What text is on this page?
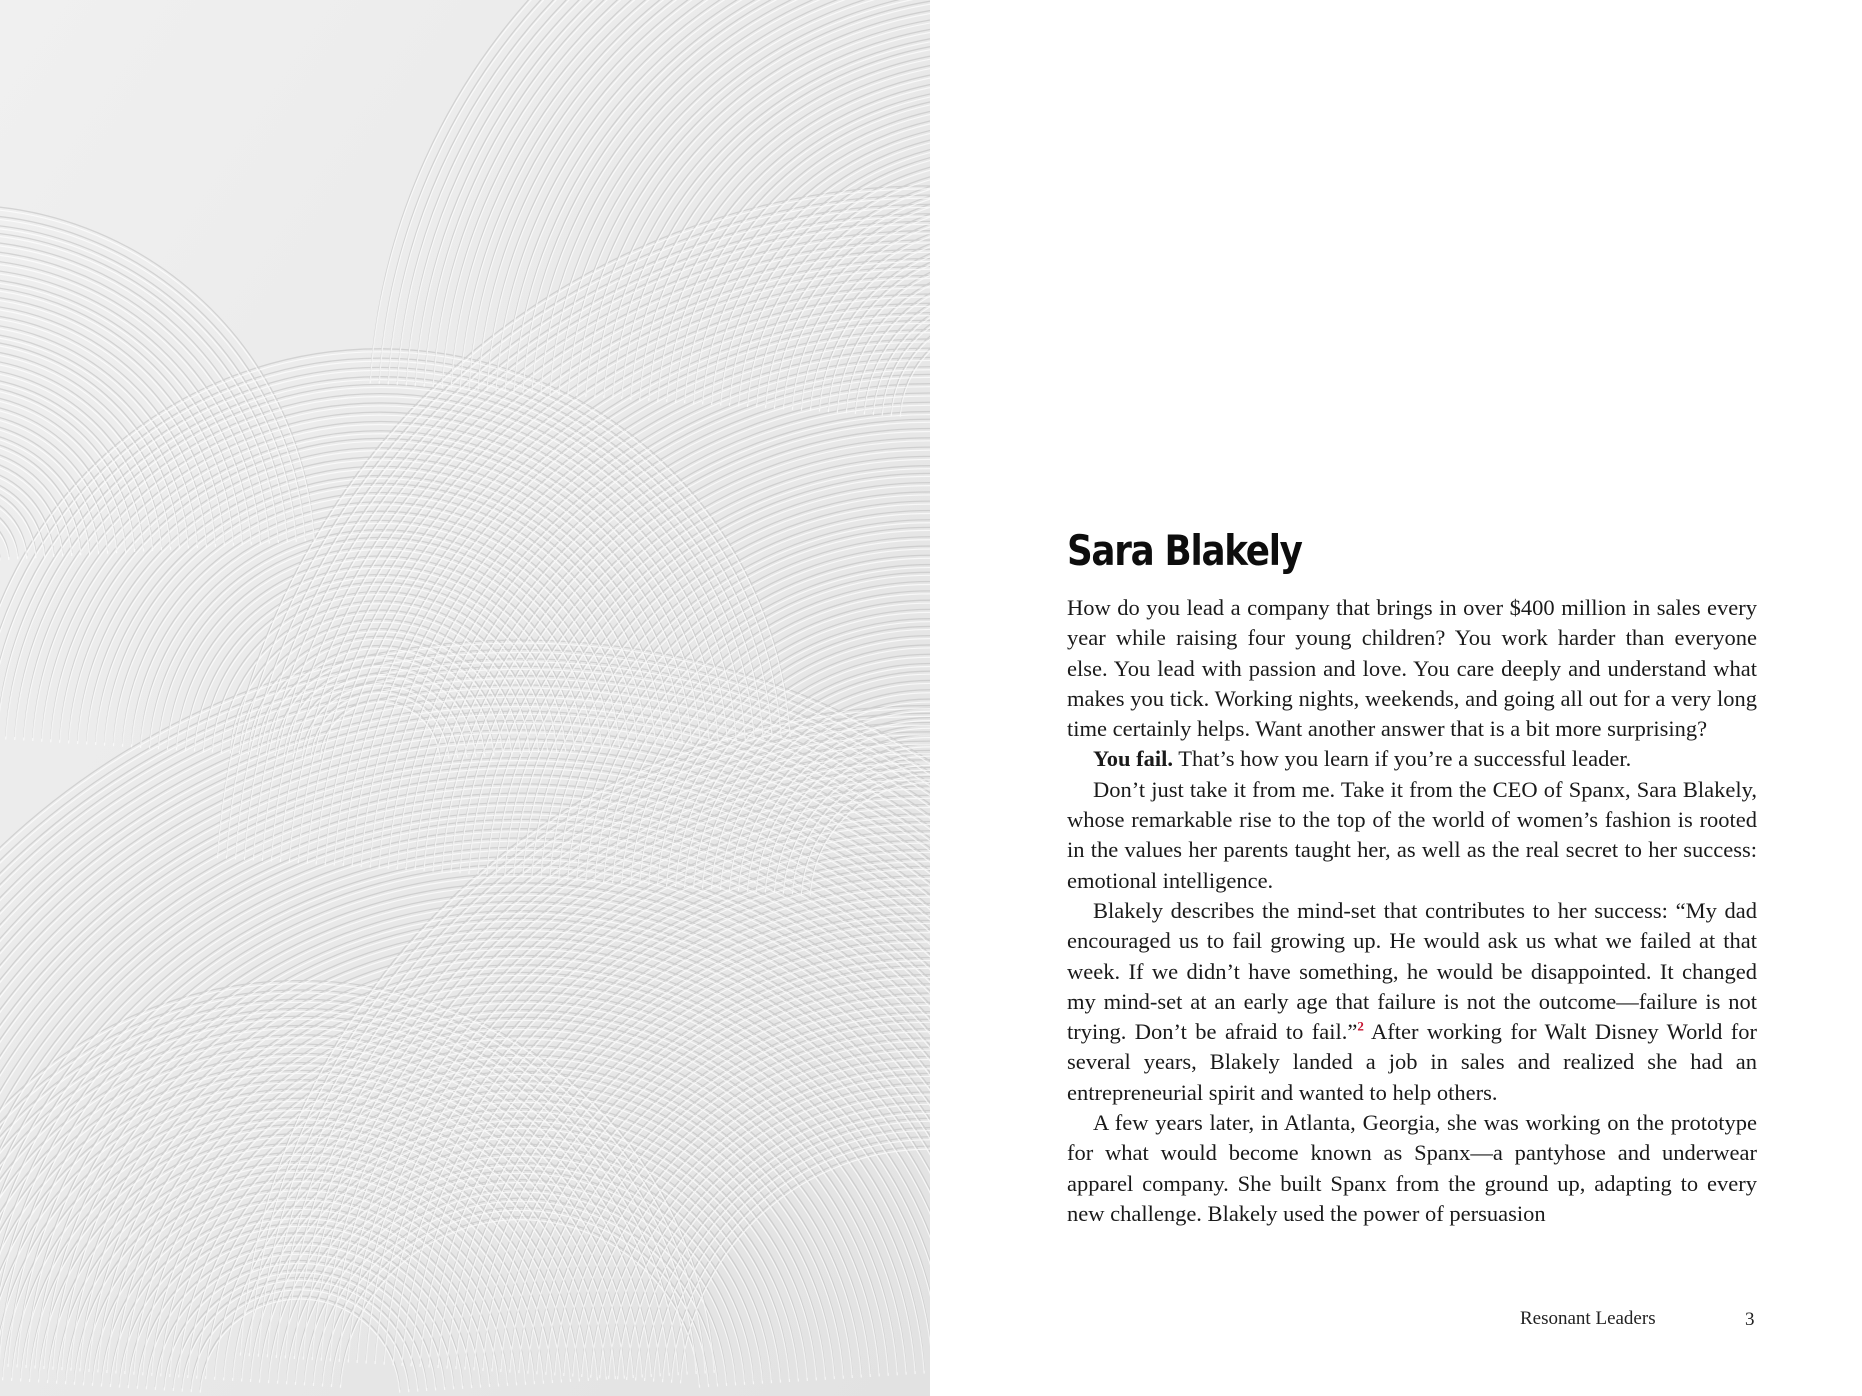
Sara Blakely

How do you lead a company that brings in over $400 million in sales every year while raising four young children? You work harder than everyone else. You lead with passion and love. You care deeply and understand what makes you tick. Working nights, weekends, and going all out for a very long time certainly helps. Want another answer that is a bit more surprising?

You fail. That’s how you learn if you’re a successful leader.

Don’t just take it from me. Take it from the CEO of Spanx, Sara Blakely, whose remarkable rise to the top of the world of women’s fashion is rooted in the values her parents taught her, as well as the real secret to her success: emotional intelligence.

Blakely describes the mind-set that contributes to her success: “My dad encouraged us to fail growing up. He would ask us what we failed at that week. If we didn’t have something, he would be disappointed. It changed my mind-set at an early age that failure is not the outcome—failure is not trying. Don’t be afraid to fail.”$^2$ After working for Walt Disney World for several years, Blakely landed a job in sales and realized she had an entrepreneurial spirit and wanted to help others.

A few years later, in Atlanta, Georgia, she was working on the prototype for what would become known as Spanx—a pantyhose and underwear apparel company. She built Spanx from the ground up, adapting to every new challenge. Blakely used the power of persuasion

Resonant Leaders	3
